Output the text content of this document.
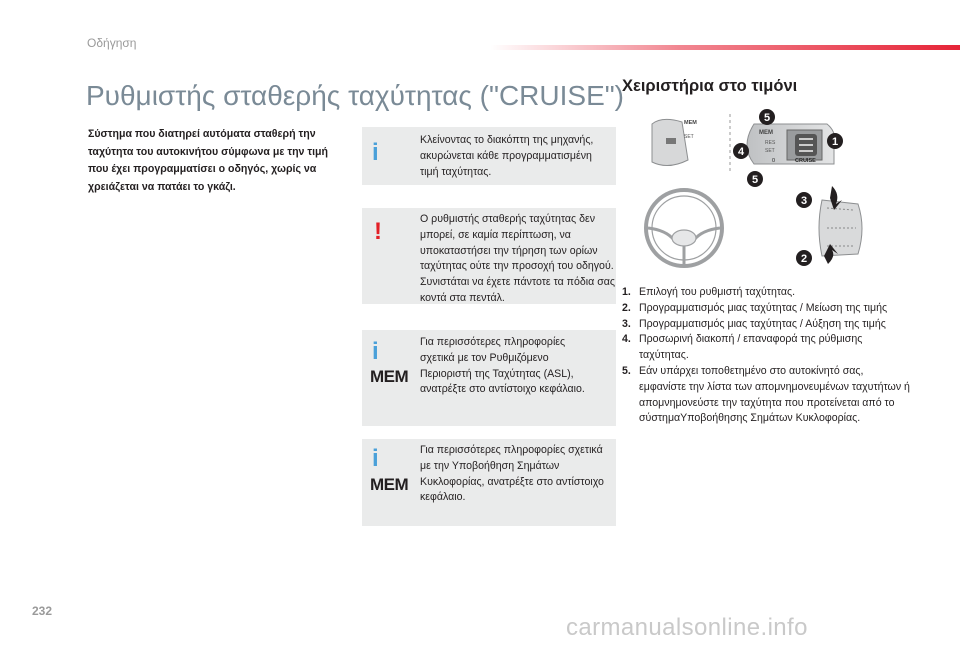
Οδήγηση
Ρυθμιστής σταθερής ταχύτητας ("CRUISE")
Σύστημα που διατηρεί αυτόματα σταθερή την ταχύτητα του αυτοκινήτου σύμφωνα με την τιμή που έχει προγραμματίσει ο οδηγός, χωρίς να χρειάζεται να πατάει το γκάζι.
i	Κλείνοντας το διακόπτη της μηχανής, ακυρώνεται κάθε προγραμματισμένη τιμή ταχύτητας.
!	Ο ρυθμιστής σταθερής ταχύτητας δεν μπορεί, σε καμία περίπτωση, να υποκαταστήσει την τήρηση των ορίων ταχύτητας ούτε την προσοχή του οδηγού. Συνιστάται να έχετε πάντοτε τα πόδια σας κοντά στα πεντάλ.
i
MEM
Για περισσότερες πληροφορίες σχετικά με τον Ρυθμιζόμενο Περιοριστή της Ταχύτητας (ASL), ανατρέξτε στο αντίστοιχο κεφάλαιο.
i
MEM
Για περισσότερες πληροφορίες σχετικά με την Υποβοήθηση Σημάτων Κυκλοφορίας, ανατρέξτε στο αντίστοιχο κεφάλαιο.
Χειριστήρια στο τιμόνι
MEM
MEM
RES
SET
SET
CRUISE
0
1
2
3
4
5
5
1. Επιλογή του ρυθμιστή ταχύτητας.
2. Προγραμματισμός μιας ταχύτητας / Μείωση της τιμής
3. Προγραμματισμός μιας ταχύτητας / Αύξηση της τιμής
4. Προσωρινή διακοπή / επαναφορά της ρύθμισης ταχύτητας.
5. Εάν υπάρχει τοποθετημένο στο αυτοκίνητό σας, εμφανίστε την λίστα των απομνημονευμένων ταχυτήτων ή απομνημονεύστε την ταχύτητα που προτείνεται από το σύστημαΥποβοήθησης Σημάτων Κυκλοφορίας.
232
carmanualsonline.info
